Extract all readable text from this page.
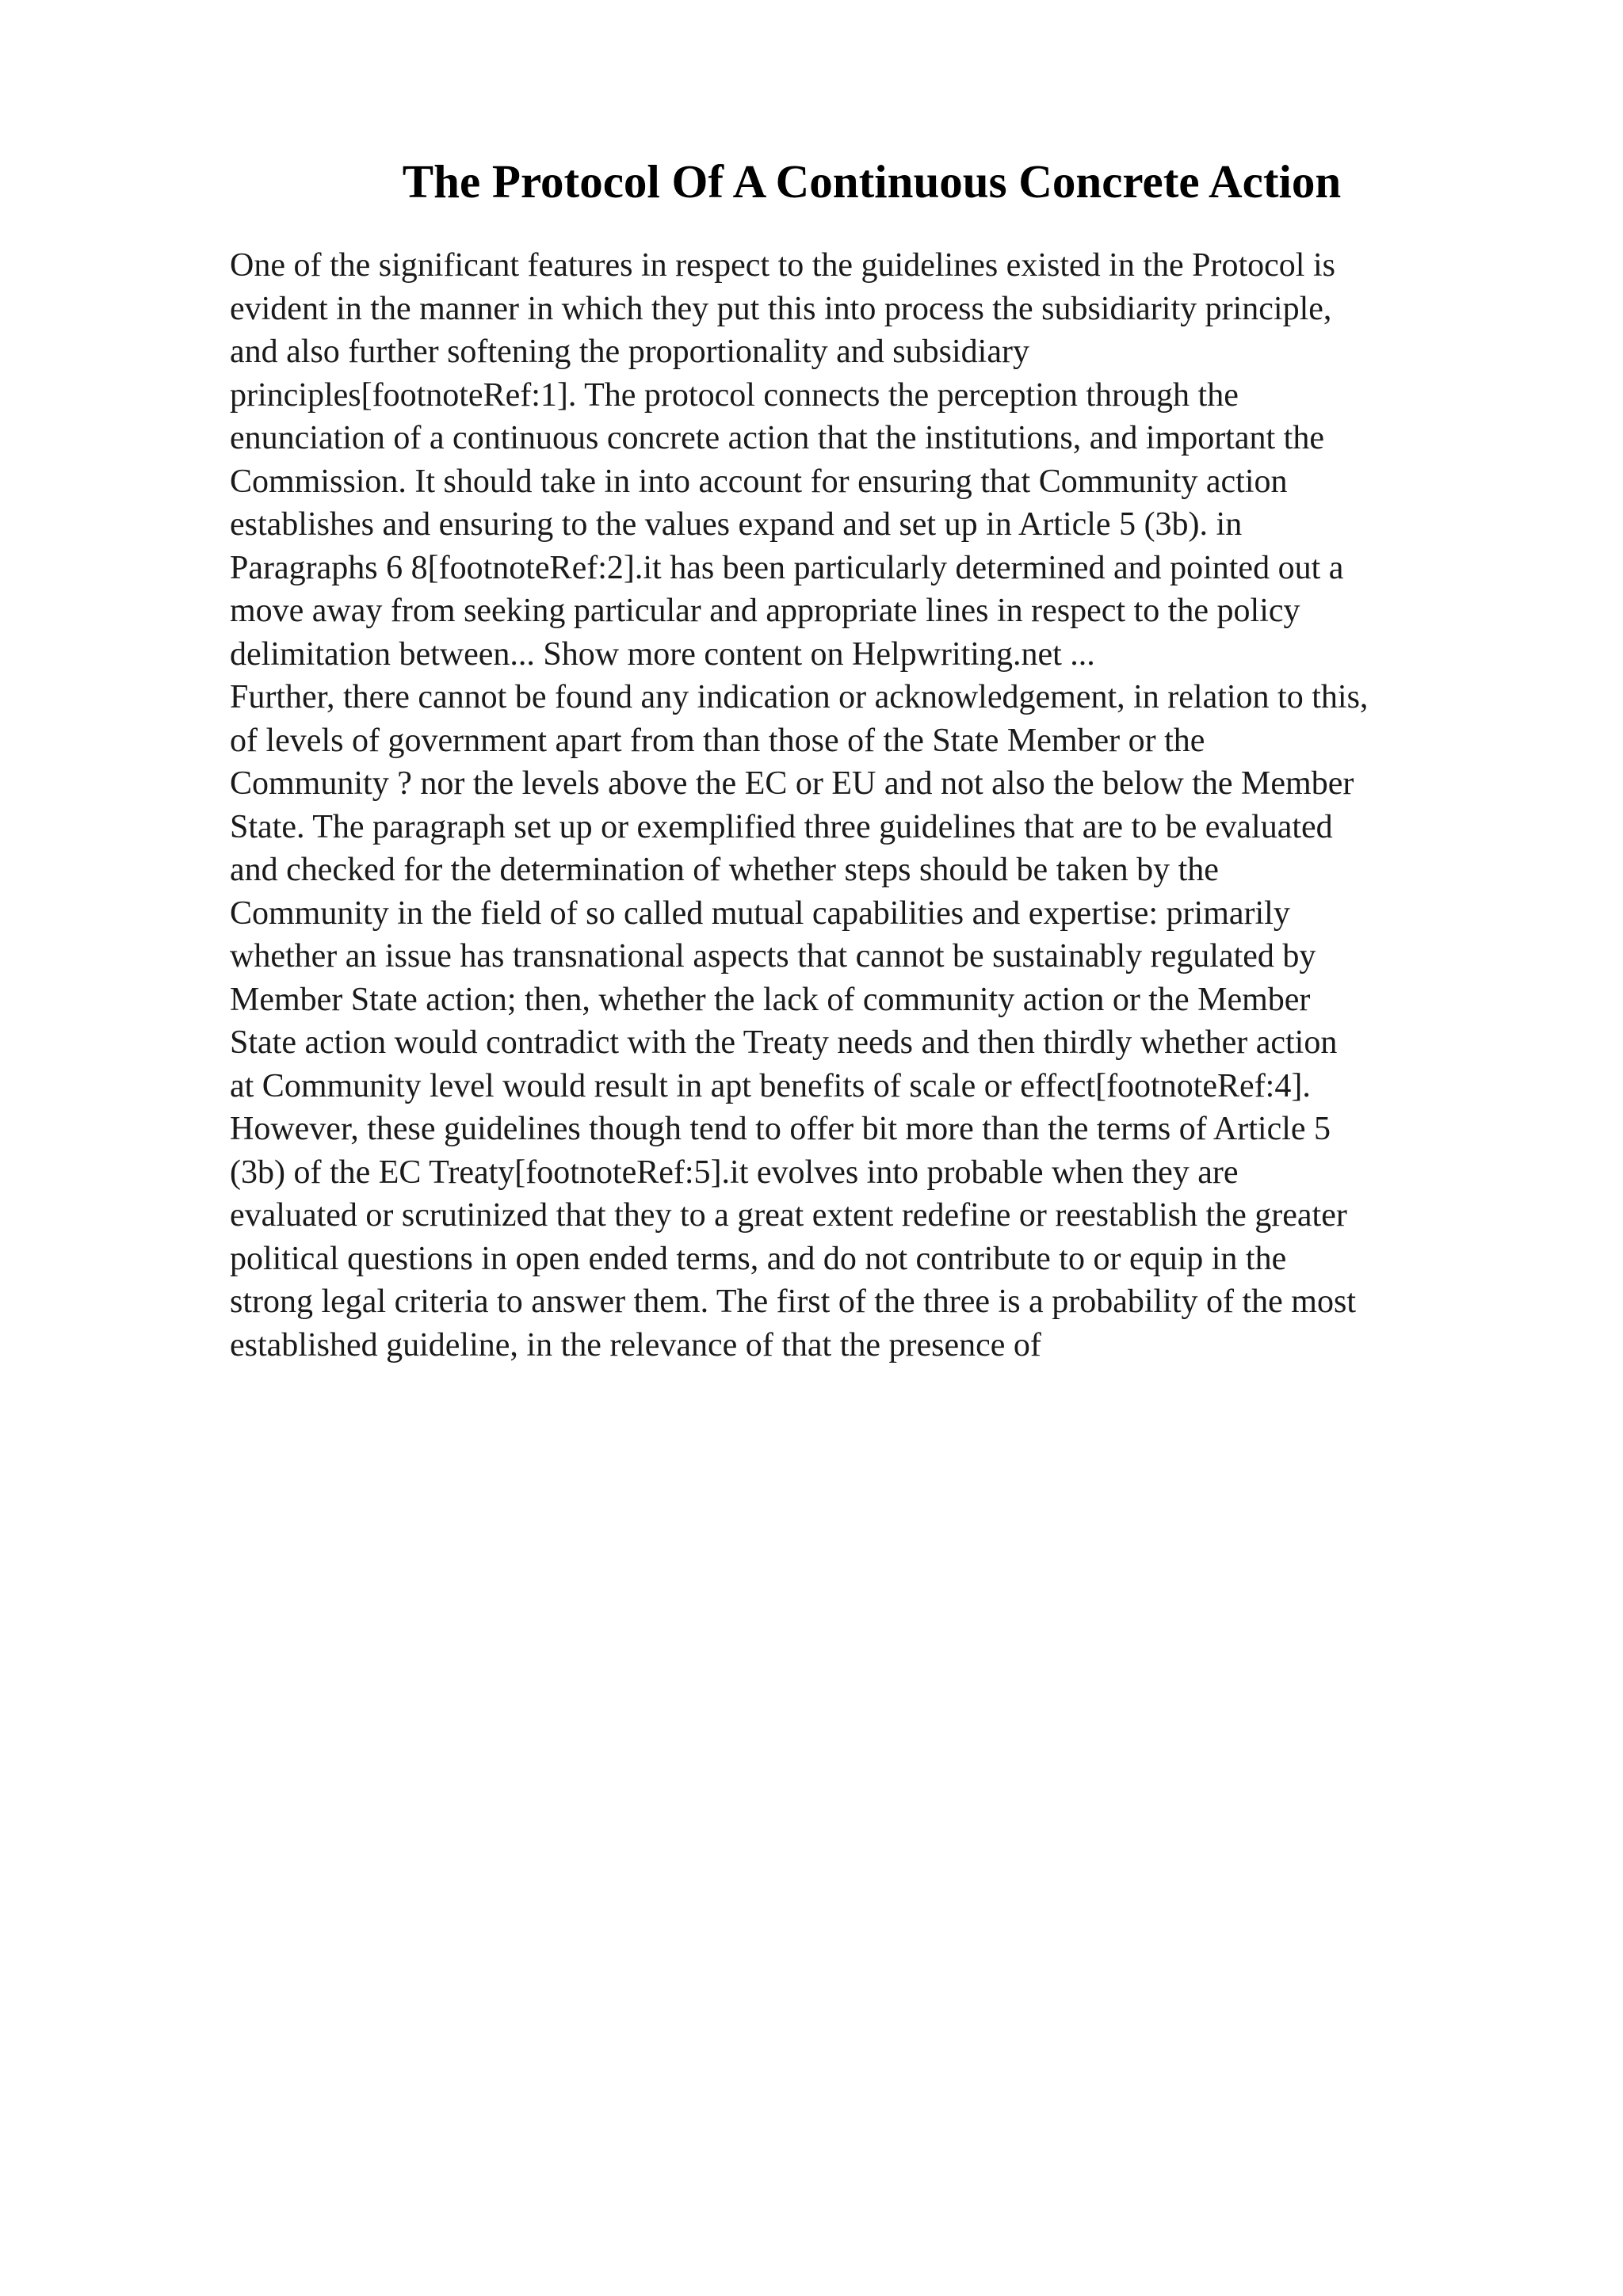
The Protocol Of A Continuous Concrete Action
One of the significant features in respect to the guidelines existed in the Protocol is
evident in the manner in which they put this into process the subsidiarity principle,
and also further softening the proportionality and subsidiary
principles[footnoteRef:1]. The protocol connects the perception through the
enunciation of a continuous concrete action that the institutions, and important the
Commission. It should take in into account for ensuring that Community action
establishes and ensuring to the values expand and set up in Article 5 (3b). in
Paragraphs 6 8[footnoteRef:2].it has been particularly determined and pointed out a
move away from seeking particular and appropriate lines in respect to the policy
delimitation between... Show more content on Helpwriting.net ...
Further, there cannot be found any indication or acknowledgement, in relation to this,
of levels of government apart from than those of the State Member or the
Community ? nor the levels above the EC or EU and not also the below the Member
State. The paragraph set up or exemplified three guidelines that are to be evaluated
and checked for the determination of whether steps should be taken by the
Community in the field of so called mutual capabilities and expertise: primarily
whether an issue has transnational aspects that cannot be sustainably regulated by
Member State action; then, whether the lack of community action or the Member
State action would contradict with the Treaty needs and then thirdly whether action
at Community level would result in apt benefits of scale or effect[footnoteRef:4].
However, these guidelines though tend to offer bit more than the terms of Article 5
(3b) of the EC Treaty[footnoteRef:5].it evolves into probable when they are
evaluated or scrutinized that they to a great extent redefine or reestablish the greater
political questions in open ended terms, and do not contribute to or equip in the
strong legal criteria to answer them. The first of the three is a probability of the most
established guideline, in the relevance of that the presence of
